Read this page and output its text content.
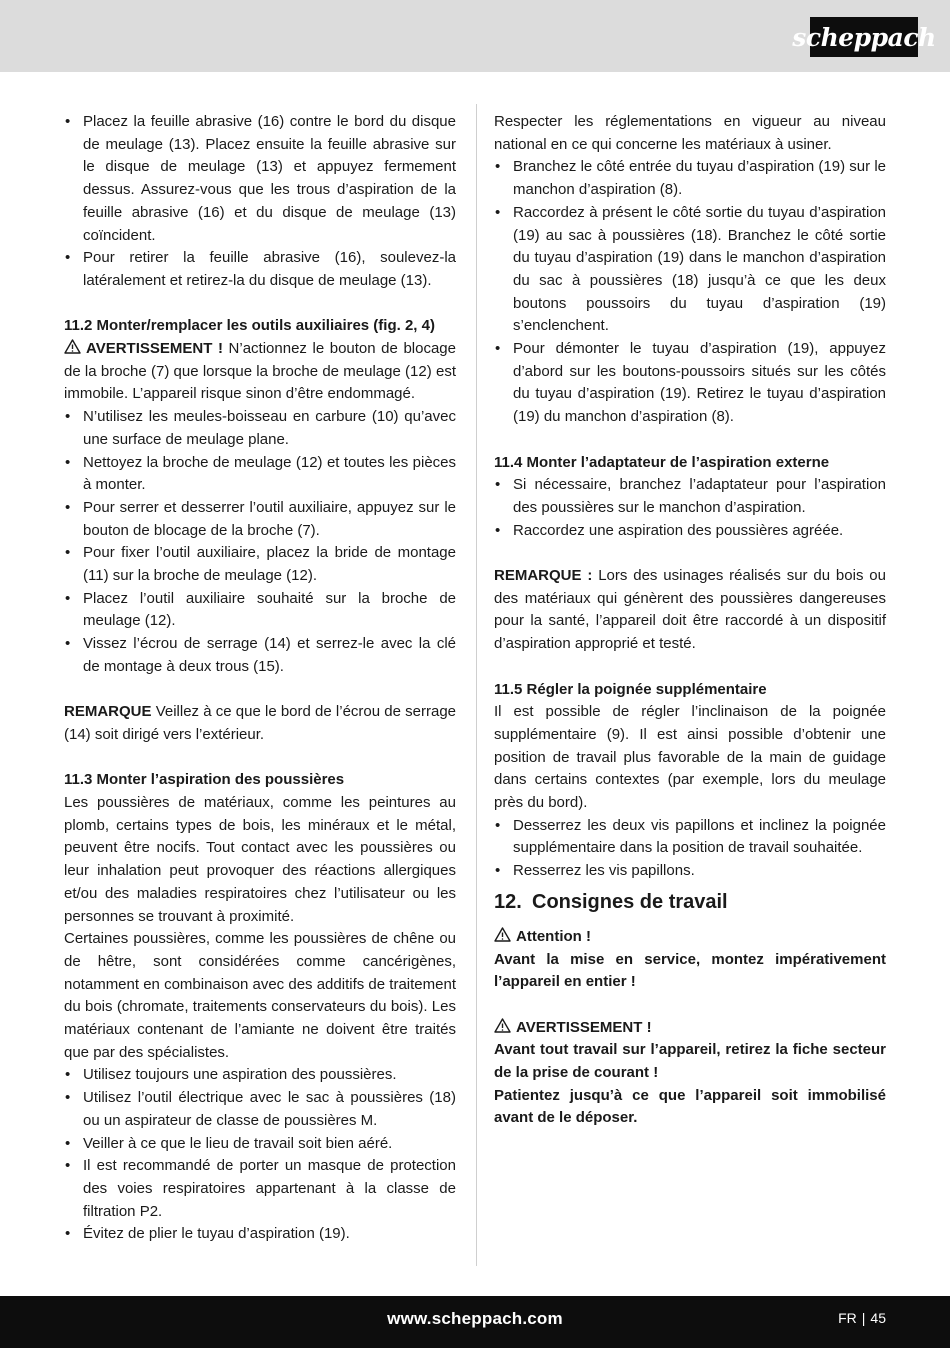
scheppach

• Placez la feuille abrasive (16) contre le bord du disque de meulage (13). Placez ensuite la feuille abrasive sur le disque de meulage (13) et appuyez fermement dessus. Assurez-vous que les trous d’aspiration de la feuille abrasive (16) et du disque de meulage (13) coïncident.

• Pour retirer la feuille abrasive (16), soulevez-la latéralement et retirez-la du disque de meulage (13).

11.2 Monter/remplacer les outils auxiliaires (fig. 2, 4)

AVERTISSEMENT ! N’actionnez le bouton de blocage de la broche (7) que lorsque la broche de meulage (12) est immobile. L’appareil risque sinon d’être endommagé.

• N’utilisez les meules-boisseau en carbure (10) qu’avec une surface de meulage plane.

• Nettoyez la broche de meulage (12) et toutes les pièces à monter.

• Pour serrer et desserrer l’outil auxiliaire, appuyez sur le bouton de blocage de la broche (7).

• Pour fixer l’outil auxiliaire, placez la bride de montage (11) sur la broche de meulage (12).

• Placez l’outil auxiliaire souhaité sur la broche de meulage (12).

• Vissez l’écrou de serrage (14) et serrez-le avec la clé de montage à deux trous (15).

REMARQUE Veillez à ce que le bord de l’écrou de serrage (14) soit dirigé vers l’extérieur.

11.3 Monter l’aspiration des poussières

Les poussières de matériaux, comme les peintures au plomb, certains types de bois, les minéraux et le métal, peuvent être nocifs. Tout contact avec les poussières ou leur inhalation peut provoquer des réactions allergiques et/ou des maladies respiratoires chez l’utilisateur ou les personnes se trouvant à proximité.

Certaines poussières, comme les poussières de chêne ou de hêtre, sont considérées comme cancérigènes, notamment en combinaison avec des additifs de traitement du bois (chromate, traitements conservateurs du bois). Les matériaux contenant de l’amiante ne doivent être traités que par des spécialistes.

• Utilisez toujours une aspiration des poussières.

• Utilisez l’outil électrique avec le sac à poussières (18) ou un aspirateur de classe de poussières M.

• Veiller à ce que le lieu de travail soit bien aéré.

• Il est recommandé de porter un masque de protection des voies respiratoires appartenant à la classe de filtration P2.

• Évitez de plier le tuyau d’aspiration (19).

Respecter les réglementations en vigueur au niveau national en ce qui concerne les matériaux à usiner.

• Branchez le côté entrée du tuyau d’aspiration (19) sur le manchon d’aspiration (8).

• Raccordez à présent le côté sortie du tuyau d’aspiration (19) au sac à poussières (18). Branchez le côté sortie du tuyau d’aspiration (19) dans le manchon d’aspiration du sac à poussières (18) jusqu’à ce que les deux boutons poussoirs du tuyau d’aspiration (19) s’enclenchent.

• Pour démonter le tuyau d’aspiration (19), appuyez d’abord sur les boutons-poussoirs situés sur les côtés du tuyau d’aspiration (19). Retirez le tuyau d’aspiration (19) du manchon d’aspiration (8).

11.4 Monter l’adaptateur de l’aspiration externe

• Si nécessaire, branchez l’adaptateur pour l’aspiration des poussières sur le manchon d’aspiration.

• Raccordez une aspiration des poussières agréée.

REMARQUE : Lors des usinages réalisés sur du bois ou des matériaux qui génèrent des poussières dangereuses pour la santé, l’appareil doit être raccordé à un dispositif d’aspiration approprié et testé.

11.5 Régler la poignée supplémentaire

Il est possible de régler l’inclinaison de la poignée supplémentaire (9). Il est ainsi possible d’obtenir une position de travail plus favorable de la main de guidage dans certains contextes (par exemple, lors du meulage près du bord).

• Desserrez les deux vis papillons et inclinez la poignée supplémentaire dans la position de travail souhaitée.

• Resserrez les vis papillons.

12. Consignes de travail

Attention !

Avant la mise en service, montez impérativement l’appareil en entier !

AVERTISSEMENT !

Avant tout travail sur l’appareil, retirez la fiche secteur de la prise de courant !

Patientez jusqu’à ce que l’appareil soit immobilisé avant de le déposer.

www.scheppach.com	FR | 45
